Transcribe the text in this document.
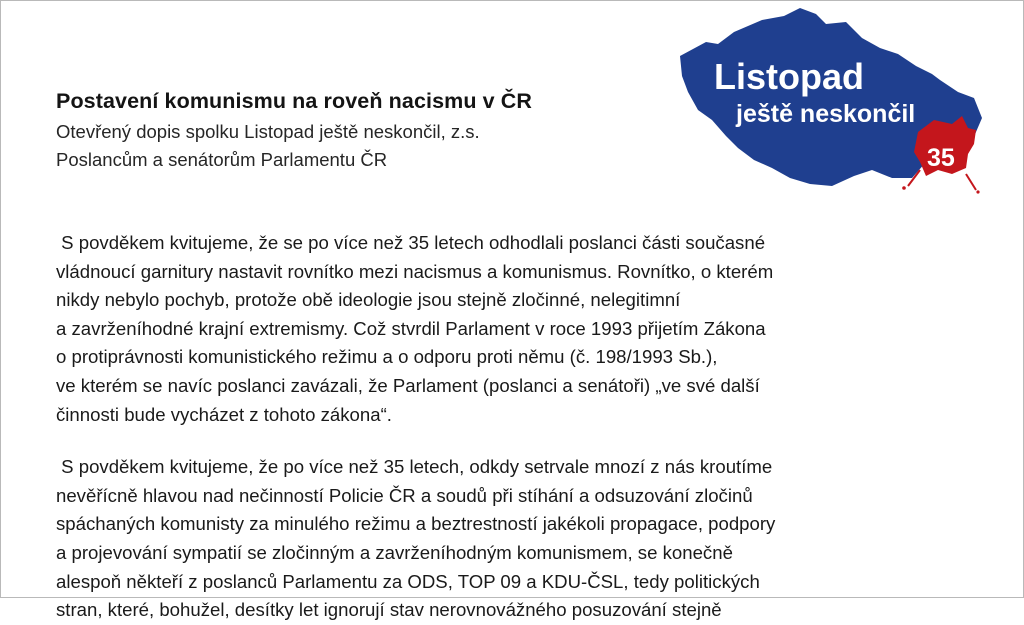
Postavení komunismu na roveň nacismu v ČR
Otevřený dopis spolku Listopad ještě neskončil, z.s.
Poslancům a senátorům Parlamentu ČR
Listopad
ještě neskončil
35
S povděkem kvitujeme, že se po více než 35 letech odhodlali poslanci části současné
vládnoucí garnitury nastavit rovnítko mezi nacismus a komunismus. Rovnítko, o kterém
nikdy nebylo pochyb, protože obě ideologie jsou stejně zločinné, nelegitimní
a zavrženíhodné krajní extremismy. Což stvrdil Parlament v roce 1993 přijetím Zákona
o protiprávnosti komunistického režimu a o odporu proti němu (č. 198/1993 Sb.),
ve kterém se navíc poslanci zavázali, že Parlament (poslanci a senátoři) „ve své další
činnosti bude vycházet z tohoto zákona“.
S povděkem kvitujeme, že po více než 35 letech, odkdy setrvale mnozí z nás kroutíme
nevěřícně hlavou nad nečinností Policie ČR a soudů při stíhání a odsuzování zločinů
spáchaných komunisty za minulého režimu a beztrestností jakékoli propagace, podpory
a projevování sympatií se zločinným a zavrženíhodným komunismem, se konečně
alespoň někteří z poslanců Parlamentu za ODS, TOP 09 a KDU-ČSL, tedy politických
stran, které, bohužel, desítky let ignorují stav nerovnovážného posuzování stejně
